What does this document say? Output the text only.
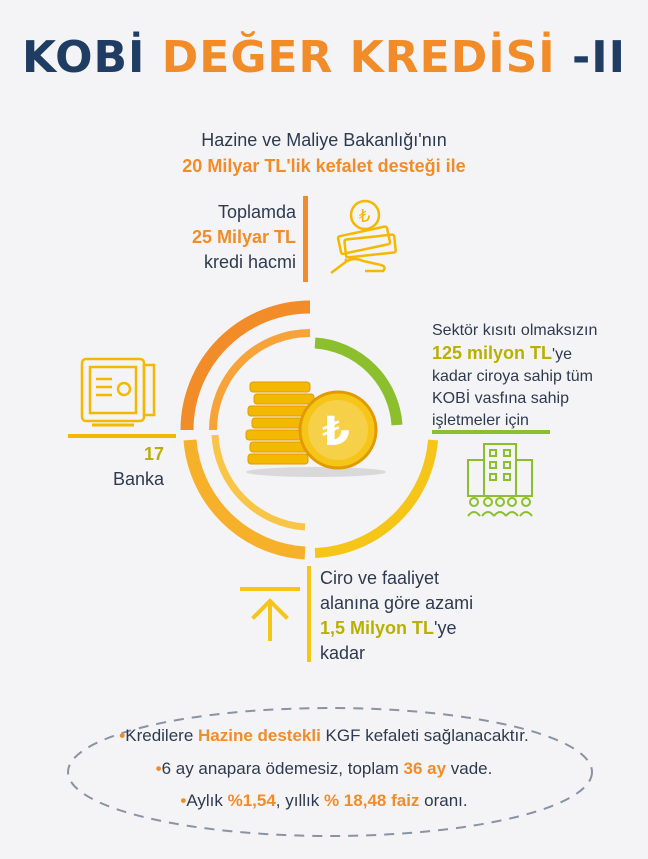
KOBİ DEĞER KREDİSİ -II
Hazine ve Maliye Bakanlığı'nın
20 Milyar TL'lik kefalet desteği ile
Toplamda
25 Milyar TL
kredi hacmi
₺
₺
17
Banka
Sektör kısıtı olmaksızın
125 milyon TL'ye
kadar ciroya sahip tüm
KOBİ vasfına sahip
işletmeler için
Ciro ve faaliyet
alanına göre azami
1,5 Milyon TL'ye
kadar
•Kredilere Hazine destekli KGF kefaleti sağlanacaktır.
•6 ay anapara ödemesiz, toplam 36 ay vade.
•Aylık %1,54, yıllık % 18,48 faiz oranı.
